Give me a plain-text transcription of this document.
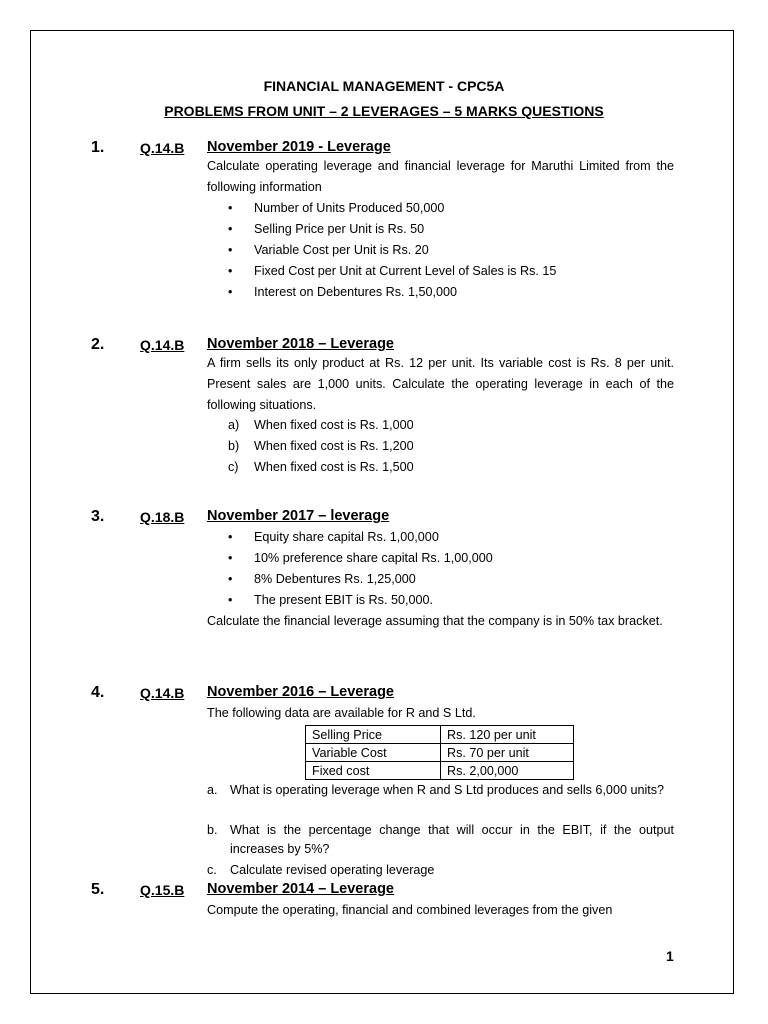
FINANCIAL MANAGEMENT - CPC5A
PROBLEMS FROM UNIT – 2 LEVERAGES – 5 MARKS QUESTIONS
1.	Q.14.B November 2019 - Leverage
Calculate operating leverage and financial leverage for Maruthi Limited from the following information
• Number of Units Produced 50,000
• Selling Price per Unit is Rs. 50
• Variable Cost per Unit is Rs. 20
• Fixed Cost per Unit at Current Level of Sales is Rs. 15
• Interest on Debentures Rs. 1,50,000
2.	Q.14.B November 2018 – Leverage
A firm sells its only product at Rs. 12 per unit. Its variable cost is Rs. 8 per unit. Present sales are 1,000 units. Calculate the operating leverage in each of the following situations.
a) When fixed cost is Rs. 1,000
b) When fixed cost is Rs. 1,200
c) When fixed cost is Rs. 1,500
3.	Q.18.B November 2017 – leverage
• Equity share capital Rs. 1,00,000
• 10% preference share capital Rs. 1,00,000
• 8% Debentures Rs. 1,25,000
• The present EBIT is Rs. 50,000.
Calculate the financial leverage assuming that the company is in 50% tax bracket.
4.	Q.14.B November 2016 – Leverage
The following data are available for R and S Ltd.
Selling Price	Rs. 120 per unit
Variable Cost	Rs. 70 per unit
Fixed cost	Rs. 2,00,000
a. What is operating leverage when R and S Ltd produces and sells 6,000 units?
b. What is the percentage change that will occur in the EBIT, if the output increases by 5%?
c.	Calculate revised operating leverage
5.	Q.15.B November 2014 – Leverage
Compute the operating, financial and combined leverages from the given
1
